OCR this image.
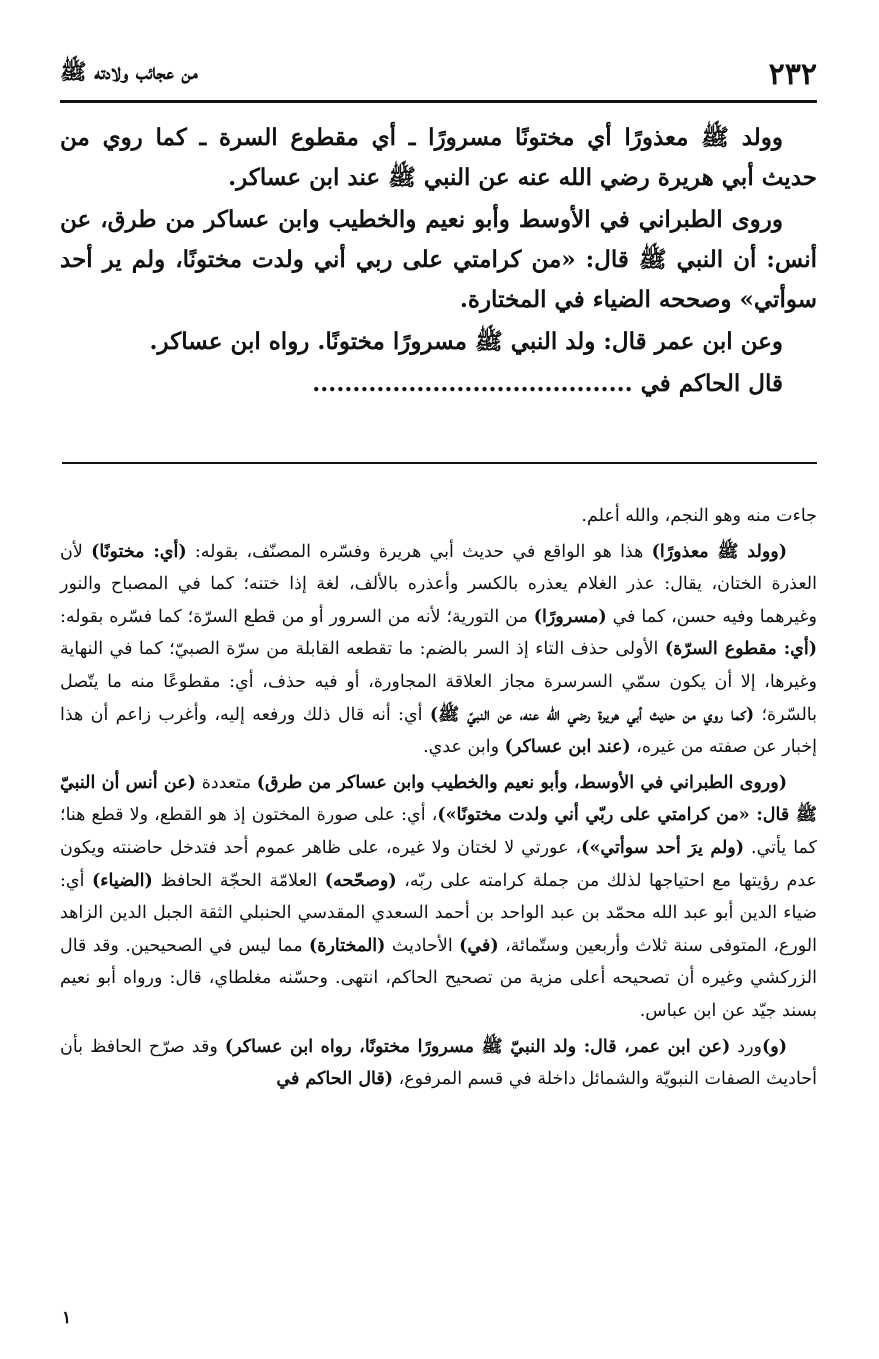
٢٣٢
من عجائب ولادته ﷺ

وولد ﷺ معذورًا أي مختونًا مسرورًا ـ أي مقطوع السرة ـ كما روي من حديث أبي هريرة رضي الله عنه عن النبي ﷺ عند ابن عساكر.

وروى الطبراني في الأوسط وأبو نعيم والخطيب وابن عساكر من طرق، عن أنس: أن النبي ﷺ قال: «من كرامتي على ربي أني ولدت مختونًا، ولم ير أحد سوأتي» وصححه الضياء في المختارة.

وعن ابن عمر قال: ولد النبي ﷺ مسرورًا مختونًا. رواه ابن عساكر.

قال الحاكم في ........................................

جاءت منه وهو النجم، والله أعلم.

(وولد ﷺ معذورًا) هذا هو الواقع في حديث أبي هريرة وفسّره المصنّف، بقوله: (أي: مختونًا) لأن العذرة الختان، يقال: عذر الغلام يعذره بالكسر وأعذره بالألف، لغة إذا ختنه؛ كما في المصباح والنور وغيرهما وفيه حسن، كما في (مسرورًا) من التورية؛ لأنه من السرور أو من قطع السرّة؛ كما فسّره بقوله: (أي: مقطوع السرّة) الأولى حذف التاء إذ السر بالضم: ما تقطعه القابلة من سرّة الصبيّ؛ كما في النهاية وغيرها، إلا أن يكون سمّي السرسرة مجاز العلاقة المجاورة، أو فيه حذف، أي: مقطوعًا منه ما يتّصل بالسّرة؛ (كما روي من حديث أبي هريرة رضي الله عنه، عن النبيّ ﷺ) أي: أنه قال ذلك ورفعه إليه، وأغرب زاعم أن هذا إخبار عن صفته من غيره، (عند ابن عساكر) وابن عدي.

(وروى الطبراني في الأوسط، وأبو نعيم والخطيب وابن عساكر من طرق) متعددة (عن أنس أن النبيّ ﷺ قال: «من كرامتي على ربّي أني ولدت مختونًا»)، أي: على صورة المختون إذ هو القطع، ولا قطع هنا؛ كما يأتي. (ولم يرَ أحد سوأتي»)، عورتي لا لختان ولا غيره، على ظاهر عموم أحد فتدخل حاضنته ويكون عدم رؤيتها مع احتياجها لذلك من جملة كرامته على ربّه، (وصحّحه) العلامّة الحجّة الحافظ (الضياء) أي: ضياء الدين أبو عبد الله محمّد بن عبد الواحد بن أحمد السعدي المقدسي الحنبلي الثقة الجبل الدين الزاهد الورع، المتوفى سنة ثلاث وأربعين وستّمائة، (في) الأحاديث (المختارة) مما ليس في الصحيحين. وقد قال الزركشي وغيره أن تصحيحه أعلى مزية من تصحيح الحاكم، انتهى. وحسّنه مغلطاي، قال: ورواه أبو نعيم بسند جيّد عن ابن عباس.

(و)ورد (عن ابن عمر، قال: ولد النبيّ ﷺ مسرورًا مختونًا، رواه ابن عساكر) وقد صرّح الحافظ بأن أحاديث الصفات النبويّة والشمائل داخلة في قسم المرفوع، (قال الحاكم في

١
